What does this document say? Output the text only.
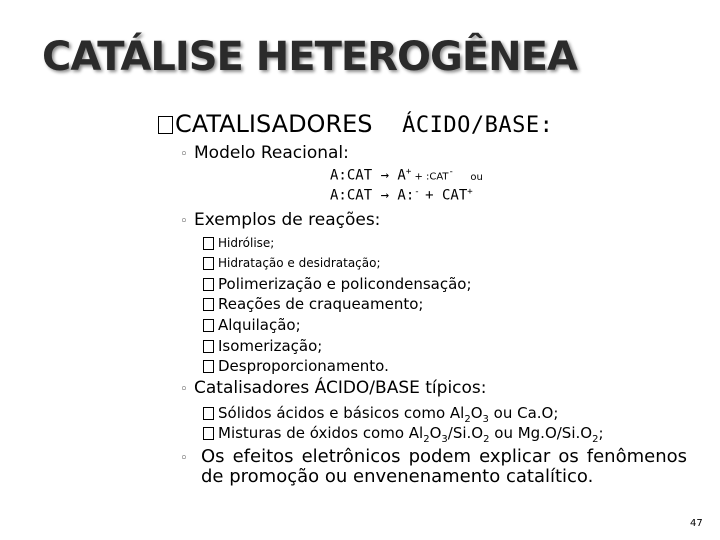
CATÁLISE HETEROGÊNEA
CATALISADORES ÁCIDO/BASE:
◦ Modelo Reacional:
A:CAT → A+ + :CAT- ou
A:CAT → A:- + CAT+
◦ Exemplos de reações:
Hidrólise;
Hidratação e desidratação;
Polimerização e policondensação;
Reações de craqueamento;
Alquilação;
Isomerização;
Desproporcionamento.
◦ Catalisadores ÁCIDO/BASE típicos:
Sólidos ácidos e básicos como $Al_2O_3$ ou Ca.O;
Misturas de óxidos como $Al_2O_3/Si.O_2$ ou $Mg.O/Si.O_2$;
◦ Os efeitos eletrônicos podem explicar os fenômenos de promoção ou envenenamento catalítico.
47
